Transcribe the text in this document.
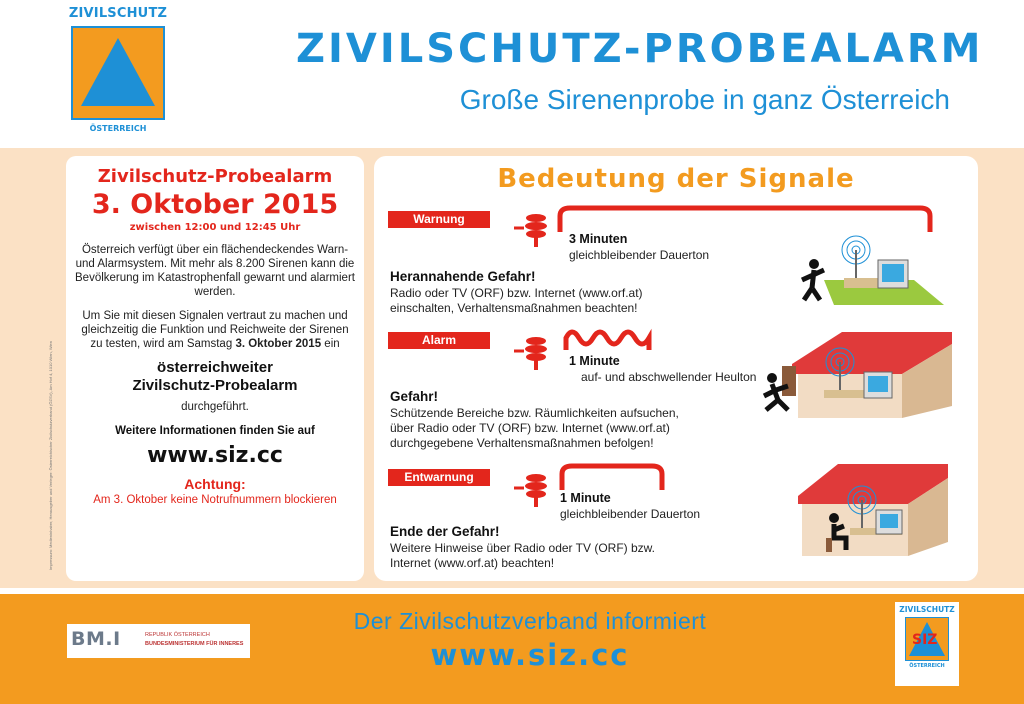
ZIVILSCHUTZ
ÖSTERREICH
ZIVILSCHUTZ-PROBEALARM
Große Sirenenprobe in ganz Österreich
Impressum: Medieninhaber, Herausgeber und Verleger: Österreichischer Zivilschutzverband (ÖZSV), Am Hof 4, 1010 Wien, Wien
Zivilschutz-Probealarm
3. Oktober 2015
zwischen 12:00 und 12:45 Uhr
Österreich verfügt über ein flächendeckendes Warn- und Alarmsystem. Mit mehr als 8.200 Sirenen kann die Bevölkerung im Katastrophenfall gewarnt und alarmiert werden.
Um Sie mit diesen Signalen vertraut zu machen und gleichzeitig die Funktion und Reichweite der Sirenen zu testen, wird am Samstag 3. Oktober 2015 ein
österreichweiter
Zivilschutz-Probealarm
durchgeführt.
Weitere Informationen finden Sie auf
www.siz.cc
Achtung:
Am 3. Oktober keine Notrufnummern blockieren
Bedeutung der Signale
Warnung
3 Minuten
gleichbleibender Dauerton
Herannahende Gefahr!
Radio oder TV (ORF) bzw. Internet (www.orf.at)
einschalten, Verhaltensmaßnahmen beachten!
Alarm
1 Minute
auf- und abschwellender Heulton
Gefahr!
Schützende Bereiche bzw. Räumlichkeiten aufsuchen,
über Radio oder TV (ORF) bzw. Internet (www.orf.at)
durchgegebene Verhaltensmaßnahmen befolgen!
Entwarnung
1 Minute
gleichbleibender Dauerton
Ende der Gefahr!
Weitere Hinweise über Radio oder TV (ORF) bzw.
Internet (www.orf.at) beachten!
BM.I	REPUBLIK ÖSTERREICH
BUNDESMINISTERIUM FÜR INNERES
Der Zivilschutzverband informiert
www.siz.cc
ZIVILSCHUTZ
SIZ
ÖSTERREICH
